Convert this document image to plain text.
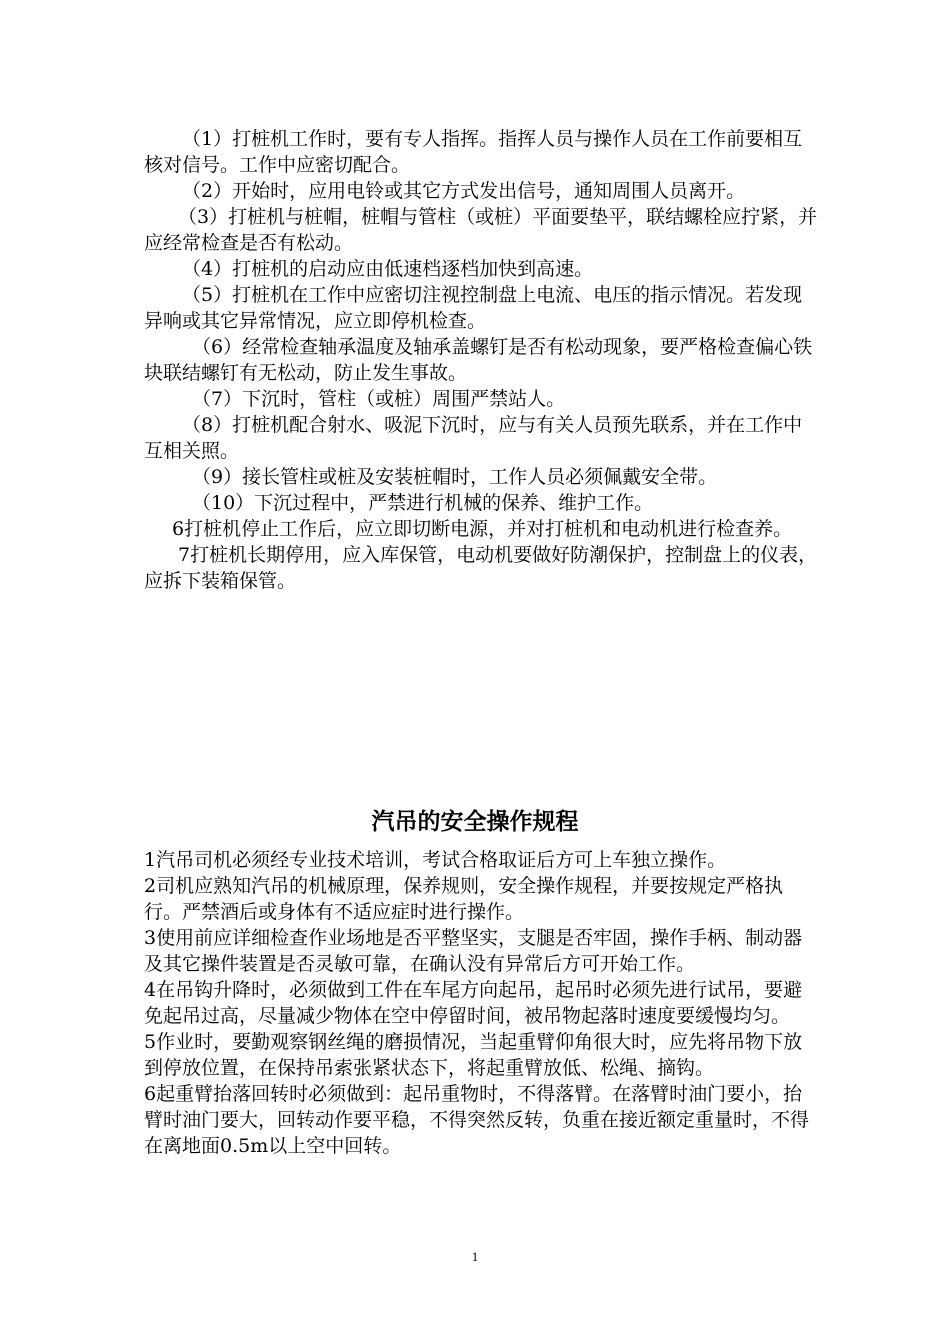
（1）打桩机工作时，要有专人指挥。指挥人员与操作人员在工作前要相互核对信号。工作中应密切配合。

（2）开始时，应用电铃或其它方式发出信号，通知周围人员离开。

（3）打桩机与桩帽，桩帽与管柱（或桩）平面要垫平，联结螺栓应拧紧，并应经常检查是否有松动。

（4）打桩机的启动应由低速档逐档加快到高速。

（5）打桩机在工作中应密切注视控制盘上电流、电压的指示情况。若发现异响或其它异常情况，应立即停机检查。

（6）经常检查轴承温度及轴承盖螺钉是否有松动现象，要严格检查偏心铁块联结螺钉有无松动，防止发生事故。

（7）下沉时，管柱（或桩）周围严禁站人。

（8）打桩机配合射水、吸泥下沉时，应与有关人员预先联系，并在工作中互相关照。

（9）接长管柱或桩及安装桩帽时，工作人员必须佩戴安全带。

（10）下沉过程中，严禁进行机械的保养、维护工作。

6打桩机停止工作后，应立即切断电源，并对打桩机和电动机进行检查养。

7打桩机长期停用，应入库保管，电动机要做好防潮保护，控制盘上的仪表，应拆下装箱保管。

汽吊的安全操作规程

1汽吊司机必须经专业技术培训，考试合格取证后方可上车独立操作。

2司机应熟知汽吊的机械原理，保养规则，安全操作规程，并要按规定严格执行。严禁酒后或身体有不适应症时进行操作。

3使用前应详细检查作业场地是否平整坚实，支腿是否牢固，操作手柄、制动器及其它操件装置是否灵敏可靠，在确认没有异常后方可开始工作。

4在吊钩升降时，必须做到工件在车尾方向起吊，起吊时必须先进行试吊，要避免起吊过高，尽量减少物体在空中停留时间，被吊物起落时速度要缓慢均匀。

5作业时，要勤观察钢丝绳的磨损情况，当起重臂仰角很大时，应先将吊物下放到停放位置，在保持吊索张紧状态下，将起重臂放低、松绳、摘钩。

6起重臂抬落回转时必须做到：起吊重物时，不得落臂。在落臂时油门要小，抬臂时油门要大，回转动作要平稳，不得突然反转，负重在接近额定重量时，不得在离地面0.5m以上空中回转。

1
